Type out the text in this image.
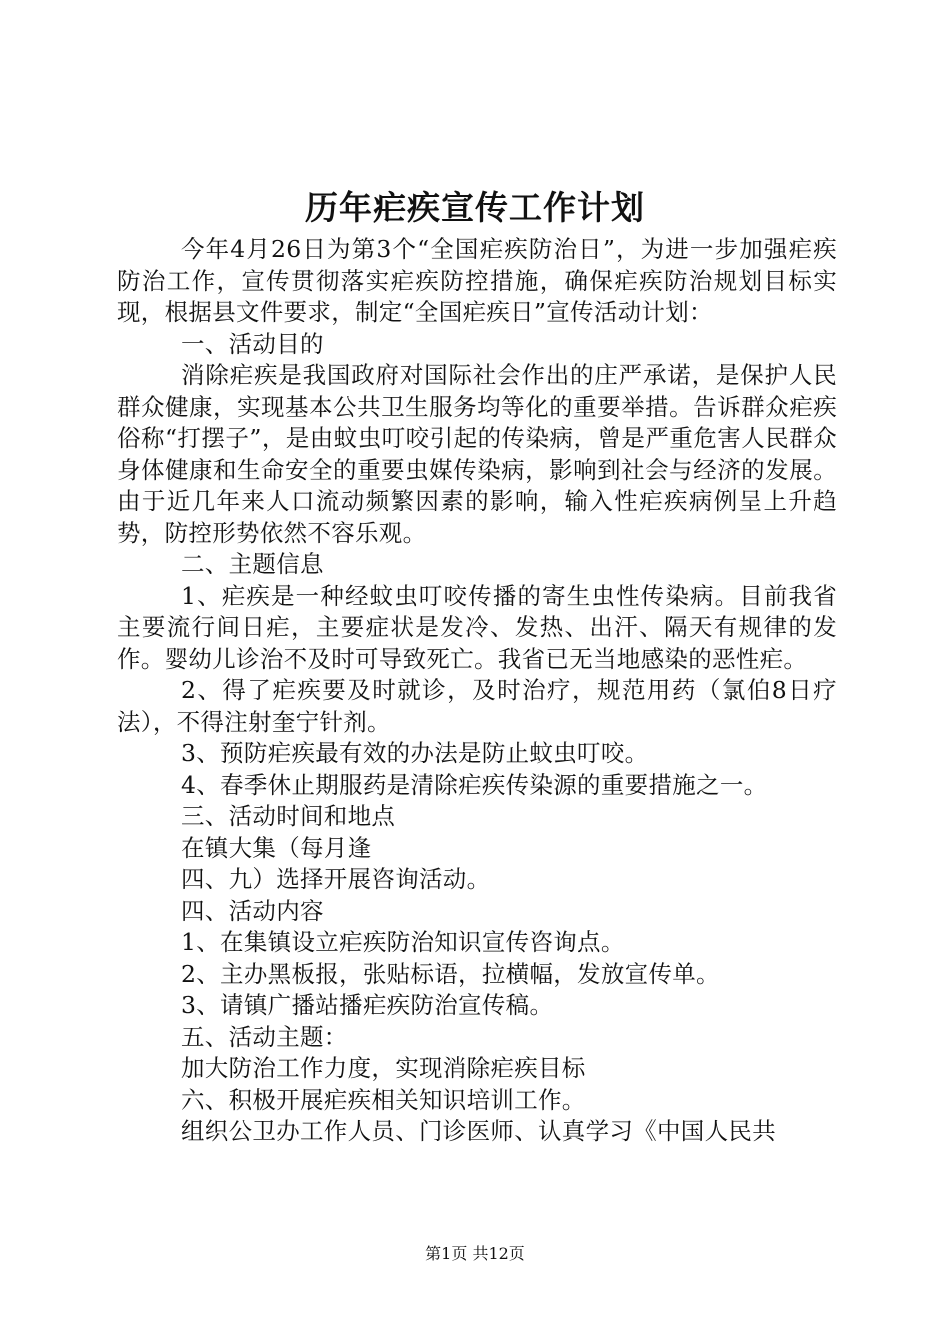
历年疟疾宣传工作计划

今年4月26日为第3个“全国疟疾防治日”，为进一步加强疟疾防治工作，宣传贯彻落实疟疾防控措施，确保疟疾防治规划目标实现，根据县文件要求，制定“全国疟疾日”宣传活动计划：

一、活动目的

消除疟疾是我国政府对国际社会作出的庄严承诺，是保护人民群众健康，实现基本公共卫生服务均等化的重要举措。告诉群众疟疾俗称“打摆子”，是由蚊虫叮咬引起的传染病，曾是严重危害人民群众身体健康和生命安全的重要虫媒传染病，影响到社会与经济的发展。由于近几年来人口流动频繁因素的影响，输入性疟疾病例呈上升趋势，防控形势依然不容乐观。

二、主题信息

1、疟疾是一种经蚊虫叮咬传播的寄生虫性传染病。目前我省主要流行间日疟，主要症状是发冷、发热、出汗、隔天有规律的发作。婴幼儿诊治不及时可导致死亡。我省已无当地感染的恶性疟。

2、得了疟疾要及时就诊，及时治疗，规范用药（氯伯8日疗法），不得注射奎宁针剂。

3、预防疟疾最有效的办法是防止蚊虫叮咬。

4、春季休止期服药是清除疟疾传染源的重要措施之一。

三、活动时间和地点

在镇大集（每月逢

四、九）选择开展咨询活动。

四、活动内容

1、在集镇设立疟疾防治知识宣传咨询点。

2、主办黑板报，张贴标语，拉横幅，发放宣传单。

3、请镇广播站播疟疾防治宣传稿。

五、活动主题：

加大防治工作力度，实现消除疟疾目标

六、积极开展疟疾相关知识培训工作。

组织公卫办工作人员、门诊医师、认真学习《中国人民共

第1页 共12页
